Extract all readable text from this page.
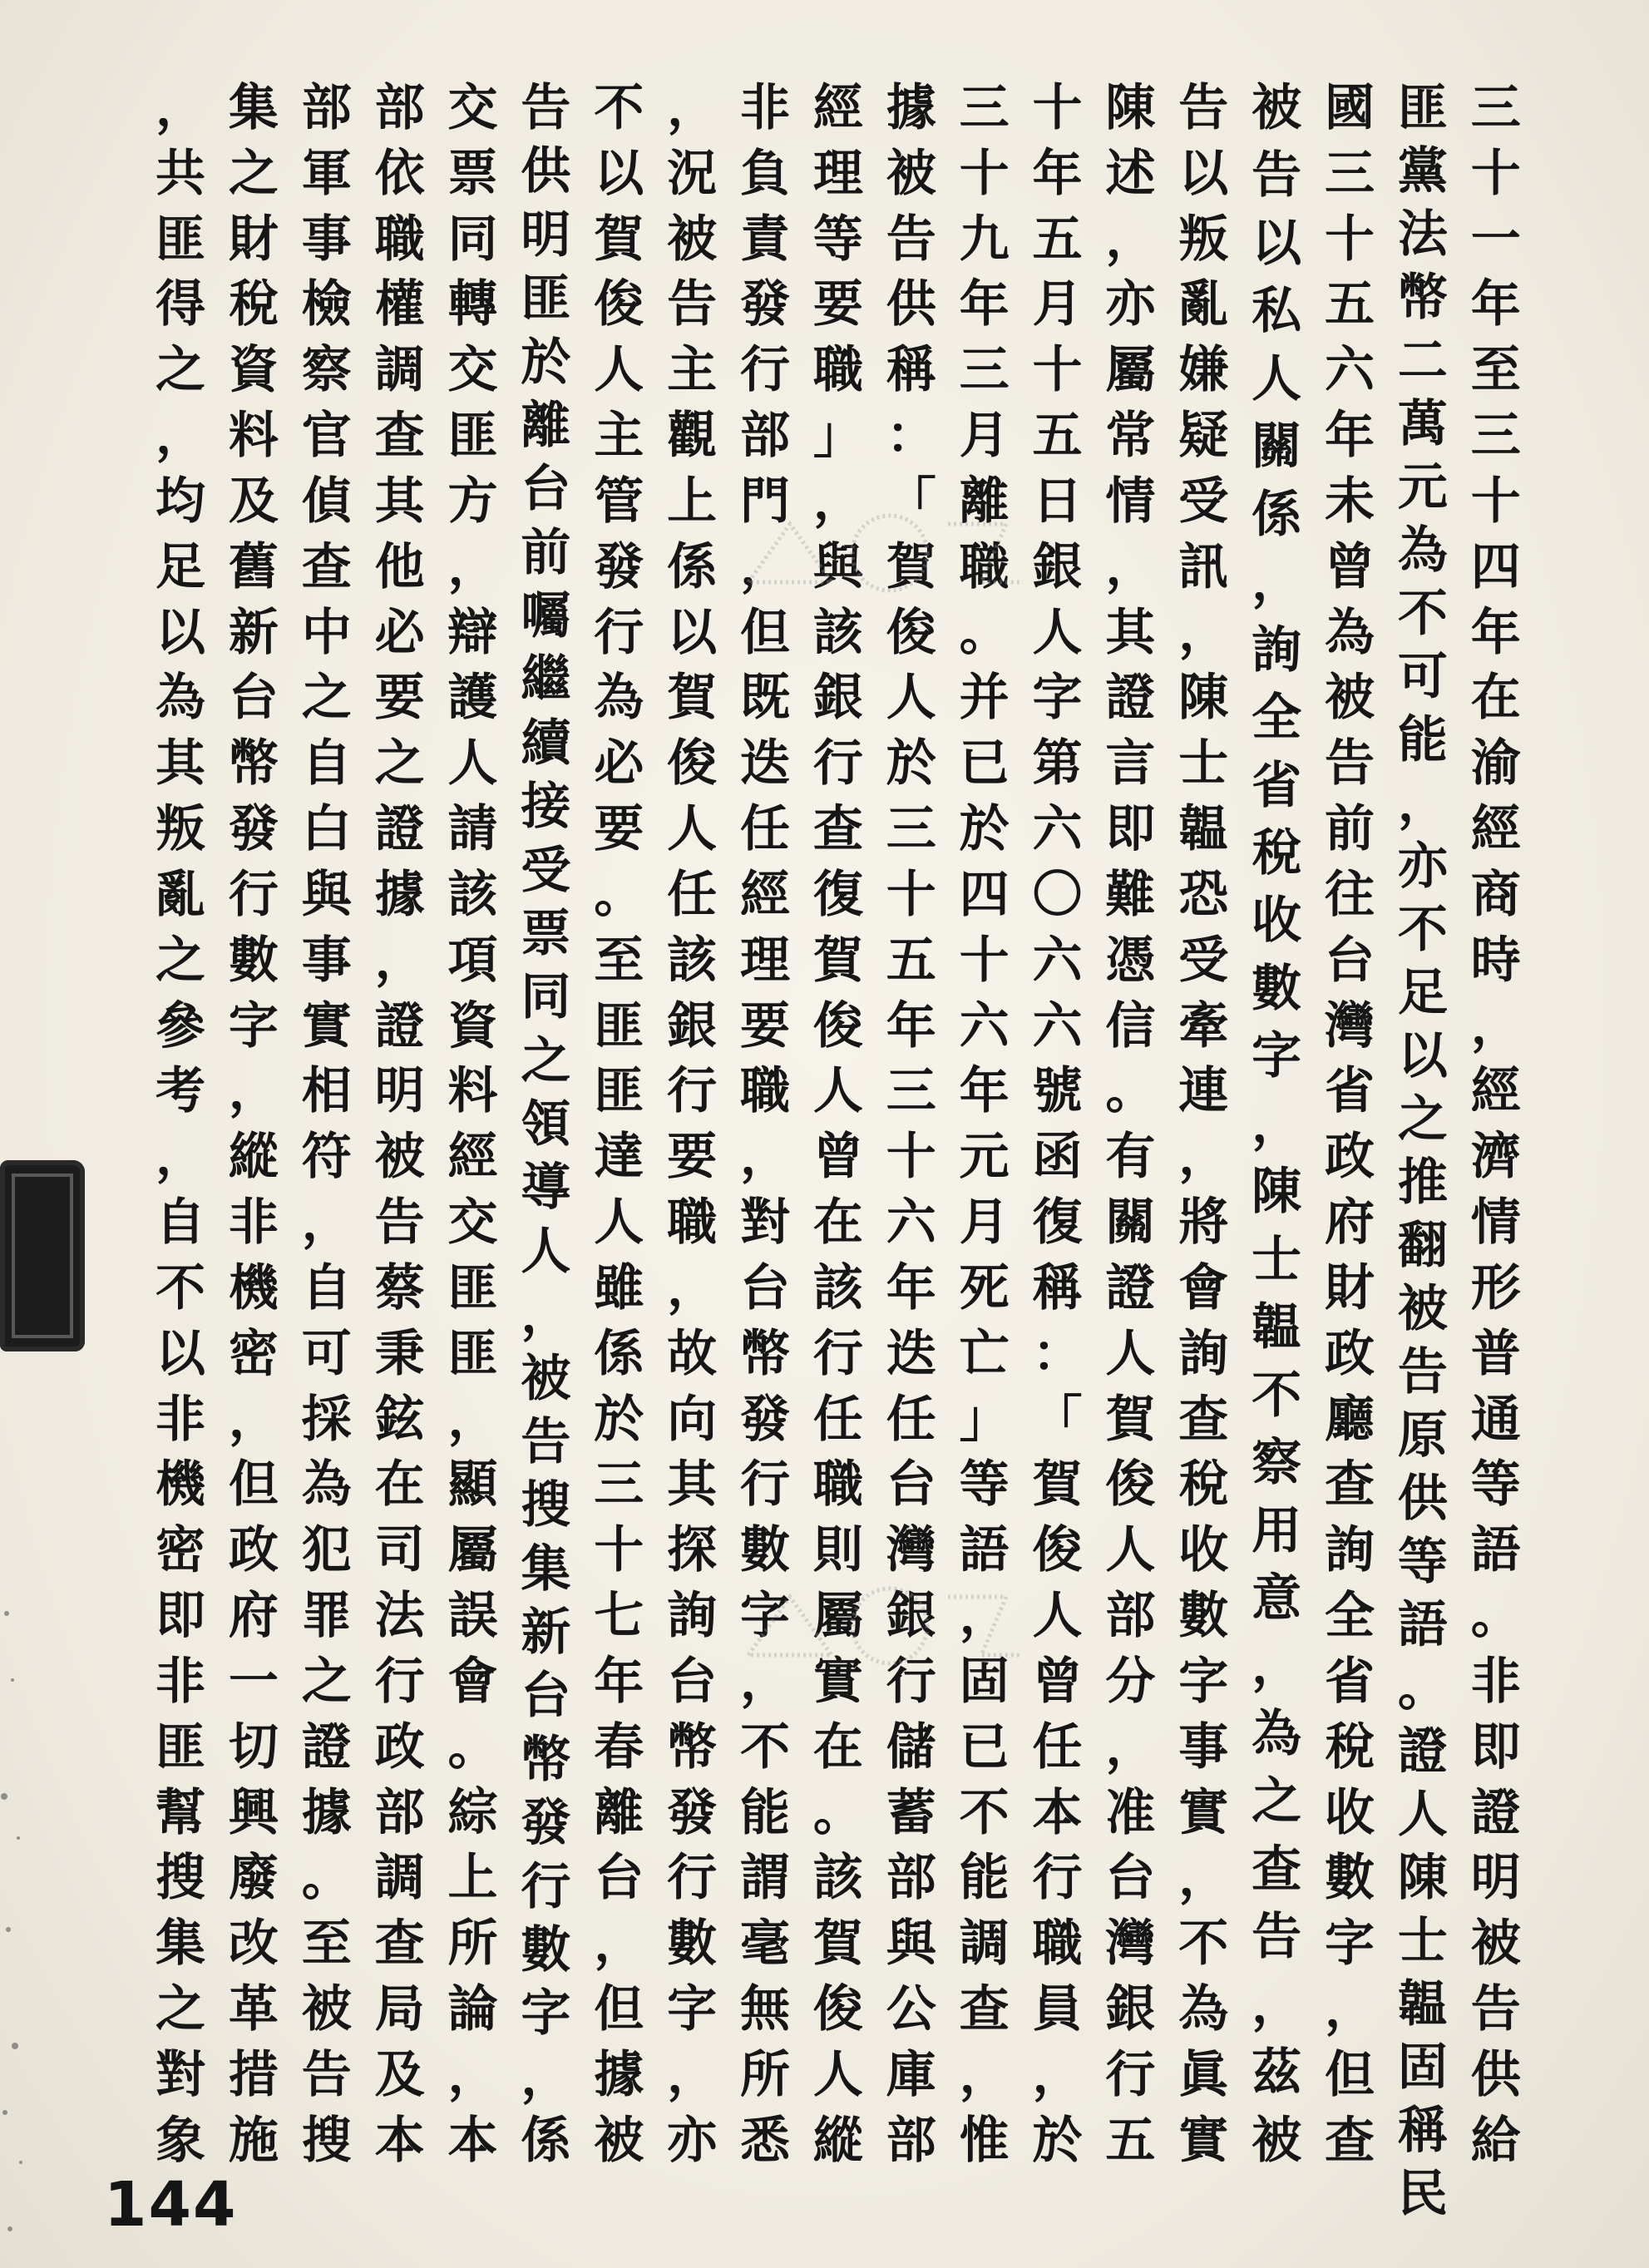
三
十
一
年
至
三
十
四
年
在
渝
經
商
時
，
經
濟
情
形
普
通
等
語
。
非
即
證
明
被
告
供
給
匪
黨
法
幣
二
萬
元
為
不
可
能
，
亦
不
足
以
之
推
翻
被
告
原
供
等
語
。
證
人
陳
士
韞
固
稱
民
國
三
十
五
六
年
未
曾
為
被
告
前
往
台
灣
省
政
府
財
政
廳
查
詢
全
省
稅
收
數
字
，
但
查
被
告
以
私
人
關
係
，
詢
全
省
稅
收
數
字
，
陳
士
韞
不
察
用
意
，
為
之
查
告
，
茲
被
告
以
叛
亂
嫌
疑
受
訊
，
陳
士
韞
恐
受
牽
連
，
將
會
詢
查
稅
收
數
字
事
實
，
不
為
眞
實
陳
述
，
亦
屬
常
情
，
其
證
言
即
難
憑
信
。
有
關
證
人
賀
俊
人
部
分
，
准
台
灣
銀
行
五
十
年
五
月
十
五
日
銀
人
字
第
六
〇
六
六
號
函
復
稱
：
「
賀
俊
人
曾
任
本
行
職
員
，
於
三
十
九
年
三
月
離
職
。
并
已
於
四
十
六
年
元
月
死
亡
」
等
語
，
固
已
不
能
調
查
，
惟
據
被
告
供
稱
：
「
賀
俊
人
於
三
十
五
年
三
十
六
年
迭
任
台
灣
銀
行
儲
蓄
部
與
公
庫
部
經
理
等
要
職
」
，
與
該
銀
行
查
復
賀
俊
人
曾
在
該
行
任
職
則
屬
實
在
。
該
賀
俊
人
縱
非
負
責
發
行
部
門
，
但
既
迭
任
經
理
要
職
，
對
台
幣
發
行
數
字
，
不
能
謂
毫
無
所
悉
，
況
被
告
主
觀
上
係
以
賀
俊
人
任
該
銀
行
要
職
，
故
向
其
探
詢
台
幣
發
行
數
字
，
亦
不
以
賀
俊
人
主
管
發
行
為
必
要
。
至
匪
匪
達
人
雖
係
於
三
十
七
年
春
離
台
，
但
據
被
告
供
明
匪
於
離
台
前
囑
繼
續
接
受
票
同
之
領
導
人
，
被
告
搜
集
新
台
幣
發
行
數
字
，
係
交
票
同
轉
交
匪
方
，
辯
護
人
請
該
項
資
料
經
交
匪
匪
，
顯
屬
誤
會
。
綜
上
所
論
，
本
部
依
職
權
調
查
其
他
必
要
之
證
據
，
證
明
被
告
蔡
秉
鉉
在
司
法
行
政
部
調
查
局
及
本
部
軍
事
檢
察
官
偵
查
中
之
自
白
與
事
實
相
符
，
自
可
採
為
犯
罪
之
證
據
。
至
被
告
搜
集
之
財
稅
資
料
及
舊
新
台
幣
發
行
數
字
，
縱
非
機
密
，
但
政
府
一
切
興
廢
改
革
措
施
，
共
匪
得
之
，
均
足
以
為
其
叛
亂
之
參
考
，
自
不
以
非
機
密
即
非
匪
幫
搜
集
之
對
象
144
